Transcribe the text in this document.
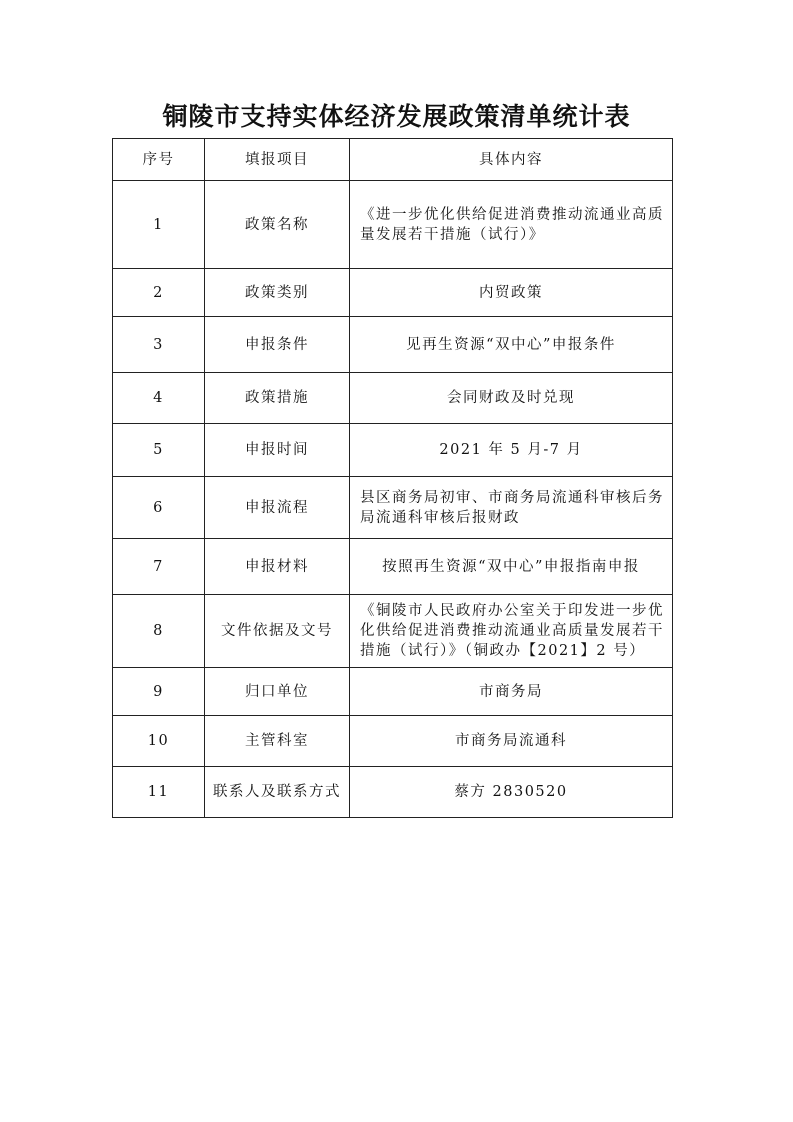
铜陵市支持实体经济发展政策清单统计表
序号	填报项目	具体内容
1	政策名称	《进一步优化供给促进消费推动流通业高质量发展若干措施（试行）》
2	政策类别	内贸政策
3	申报条件	见再生资源“双中心”申报条件
4	政策措施	会同财政及时兑现
5	申报时间	2021 年 5 月-7 月
6	申报流程	县区商务局初审、市商务局流通科审核后务局流通科审核后报财政
7	申报材料	按照再生资源“双中心”申报指南申报
8	文件依据及文号	《铜陵市人民政府办公室关于印发进一步优化供给促进消费推动流通业高质量发展若干措施（试行）》（铜政办【2021】2 号）
9	归口单位	市商务局
10	主管科室	市商务局流通科
11	联系人及联系方式	蔡方 2830520
